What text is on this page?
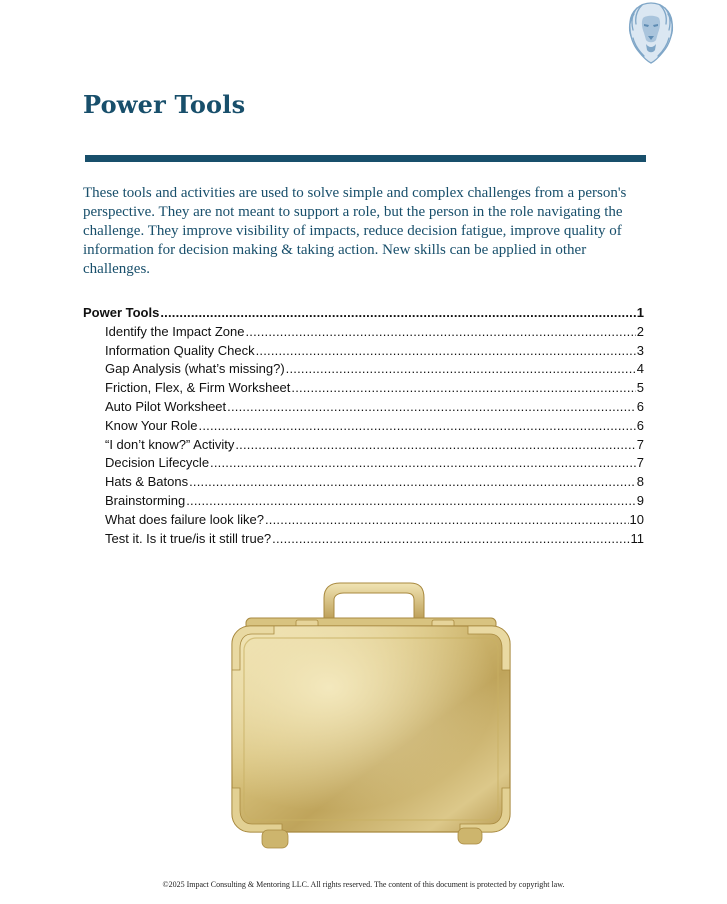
Power Tools

These tools and activities are used to solve simple and complex challenges from a person's perspective. They are not meant to support a role, but the person in the role navigating the challenge. They improve visibility of impacts, reduce decision fatigue, improve quality of information for decision making & taking action. New skills can be applied in other challenges.

Power Tools .....	1
Identify the Impact Zone .....	2
Information Quality Check .....	3
Gap Analysis (what’s missing?) .....	4
Friction, Flex, & Firm Worksheet .....	5
Auto Pilot Worksheet .....	6
Know Your Role .....	6
“I don’t know?” Activity .....	7
Decision Lifecycle .....	7
Hats & Batons .....	8
Brainstorming .....	9
What does failure look like? .....	10
Test it. Is it true/is it still true? .....	11

©2025 Impact Consulting & Mentoring LLC. All rights reserved. The content of this document is protected by copyright law.
